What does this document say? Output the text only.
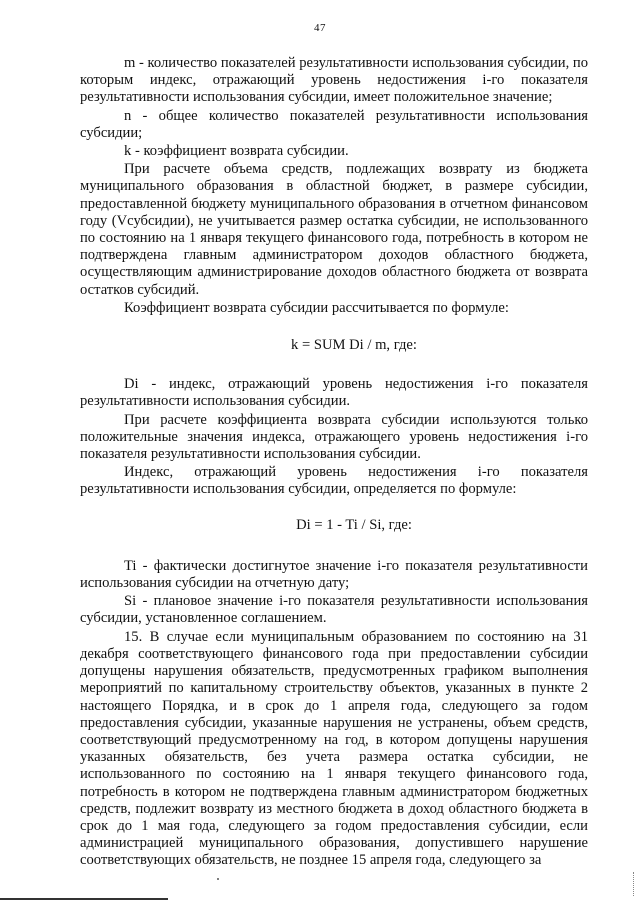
47

m - количество показателей результативности использования субсидии, по которым индекс, отражающий уровень недостижения i-го показателя результативности использования субсидии, имеет положительное значение;

n - общее количество показателей результативности использования субсидии;

k - коэффициент возврата субсидии.

При расчете объема средств, подлежащих возврату из бюджета муниципального образования в областной бюджет, в размере субсидии, предоставленной бюджету муниципального образования в отчетном финансовом году (Vсубсидии), не учитывается размер остатка субсидии, не использованного по состоянию на 1 января текущего финансового года, потребность в котором не подтверждена главным администратором доходов областного бюджета, осуществляющим администрирование доходов областного бюджета от возврата остатков субсидий.

Коэффициент возврата субсидии рассчитывается по формуле:

k = SUM Di / m, где:

Di - индекс, отражающий уровень недостижения i-го показателя результативности использования субсидии.

При расчете коэффициента возврата субсидии используются только положительные значения индекса, отражающего уровень недостижения i-го показателя результативности использования субсидии.

Индекс, отражающий уровень недостижения i-го показателя результативности использования субсидии, определяется по формуле:

Di = 1 - Ti / Si, где:

Ti - фактически достигнутое значение i-го показателя результативности использования субсидии на отчетную дату;

Si - плановое значение i-го показателя результативности использования субсидии, установленное соглашением.

15. В случае если муниципальным образованием по состоянию на 31 декабря соответствующего финансового года при предоставлении субсидии допущены нарушения обязательств, предусмотренных графиком выполнения мероприятий по капитальному строительству объектов, указанных в пункте 2 настоящего Порядка, и в срок до 1 апреля года, следующего за годом предоставления субсидии, указанные нарушения не устранены, объем средств, соответствующий предусмотренному на год, в котором допущены нарушения указанных обязательств, без учета размера остатка субсидии, не использованного по состоянию на 1 января текущего финансового года, потребность в котором не подтверждена главным администратором бюджетных средств, подлежит возврату из местного бюджета в доход областного бюджета в срок до 1 мая года, следующего за годом предоставления субсидии, если администрацией муниципального образования, допустившего нарушение соответствующих обязательств, не позднее 15 апреля года, следующего за
